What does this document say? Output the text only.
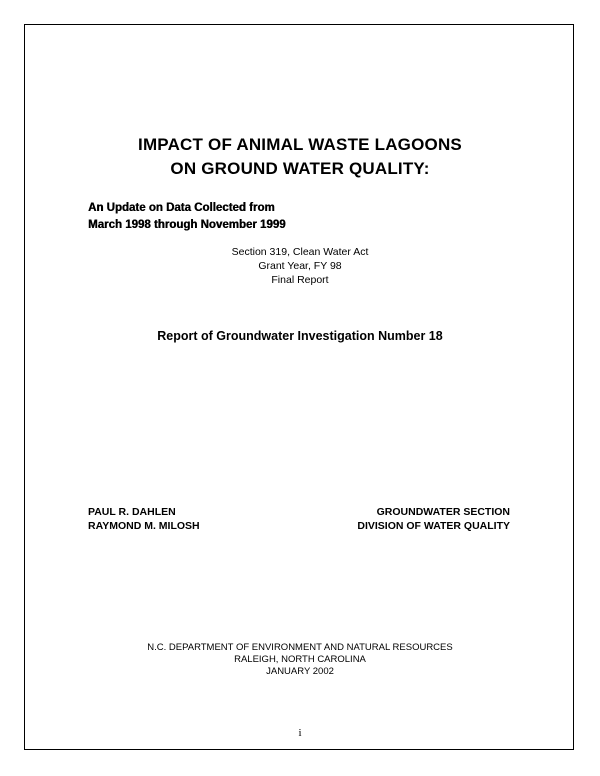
IMPACT OF ANIMAL WASTE LAGOONS
ON GROUND WATER QUALITY:
An Update on Data Collected from
March 1998 through November 1999
Section 319, Clean Water Act
Grant Year, FY 98
Final Report
Report of Groundwater Investigation Number 18
PAUL R. DAHLEN
RAYMOND M. MILOSH
GROUNDWATER SECTION
DIVISION OF WATER QUALITY
N.C. DEPARTMENT OF ENVIRONMENT AND NATURAL RESOURCES
RALEIGH, NORTH CAROLINA
JANUARY 2002
i
